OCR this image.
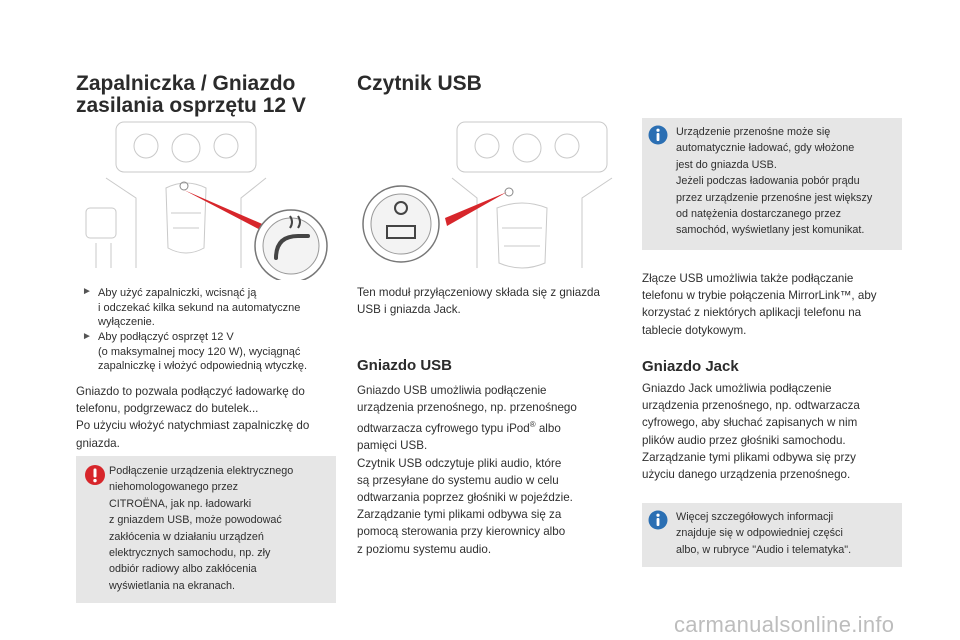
Zapalniczka / Gniazdo
zasilania osprzętu 12 V
► Aby użyć zapalniczki, wcisnąć ją
i odczekać kilka sekund na automatyczne
wyłączenie.
► Aby podłączyć osprzęt 12 V
(o maksymalnej mocy 120 W), wyciągnąć
zapalniczkę i włożyć odpowiednią wtyczkę.
Gniazdo to pozwala podłączyć ładowarkę do
telefonu, podgrzewacz do butelek...
Po użyciu włożyć natychmiast zapalniczkę do
gniazda.
Podłączenie urządzenia elektrycznego
niehomologowanego przez
CITROËNA, jak np. ładowarki
z gniazdem USB, może powodować
zakłócenia w działaniu urządzeń
elektrycznych samochodu, np. zły
odbiór radiowy albo zakłócenia
wyświetlania na ekranach.
Czytnik USB
Ten moduł przyłączeniowy składa się z gniazda
USB i gniazda Jack.
Gniazdo USB
Gniazdo USB umożliwia podłączenie
urządzenia przenośnego, np. przenośnego
odtwarzacza cyfrowego typu iPod® albo
pamięci USB.
Czytnik USB odczytuje pliki audio, które
są przesyłane do systemu audio w celu
odtwarzania poprzez głośniki w pojeździe.
Zarządzanie tymi plikami odbywa się za
pomocą sterowania przy kierownicy albo
z poziomu systemu audio.
Urządzenie przenośne może się
automatycznie ładować, gdy włożone
jest do gniazda USB.
Jeżeli podczas ładowania pobór prądu
przez urządzenie przenośne jest większy
od natężenia dostarczanego przez
samochód, wyświetlany jest komunikat.
Złącze USB umożliwia także podłączanie
telefonu w trybie połączenia MirrorLink™, aby
korzystać z niektórych aplikacji telefonu na
tablecie dotykowym.
Gniazdo Jack
Gniazdo Jack umożliwia podłączenie
urządzenia przenośnego, np. odtwarzacza
cyfrowego, aby słuchać zapisanych w nim
plików audio przez głośniki samochodu.
Zarządzanie tymi plikami odbywa się przy
użyciu danego urządzenia przenośnego.
Więcej szczegółowych informacji
znajduje się w odpowiedniej części
albo, w rubryce "Audio i telematyka".
carmanualsonline.info
